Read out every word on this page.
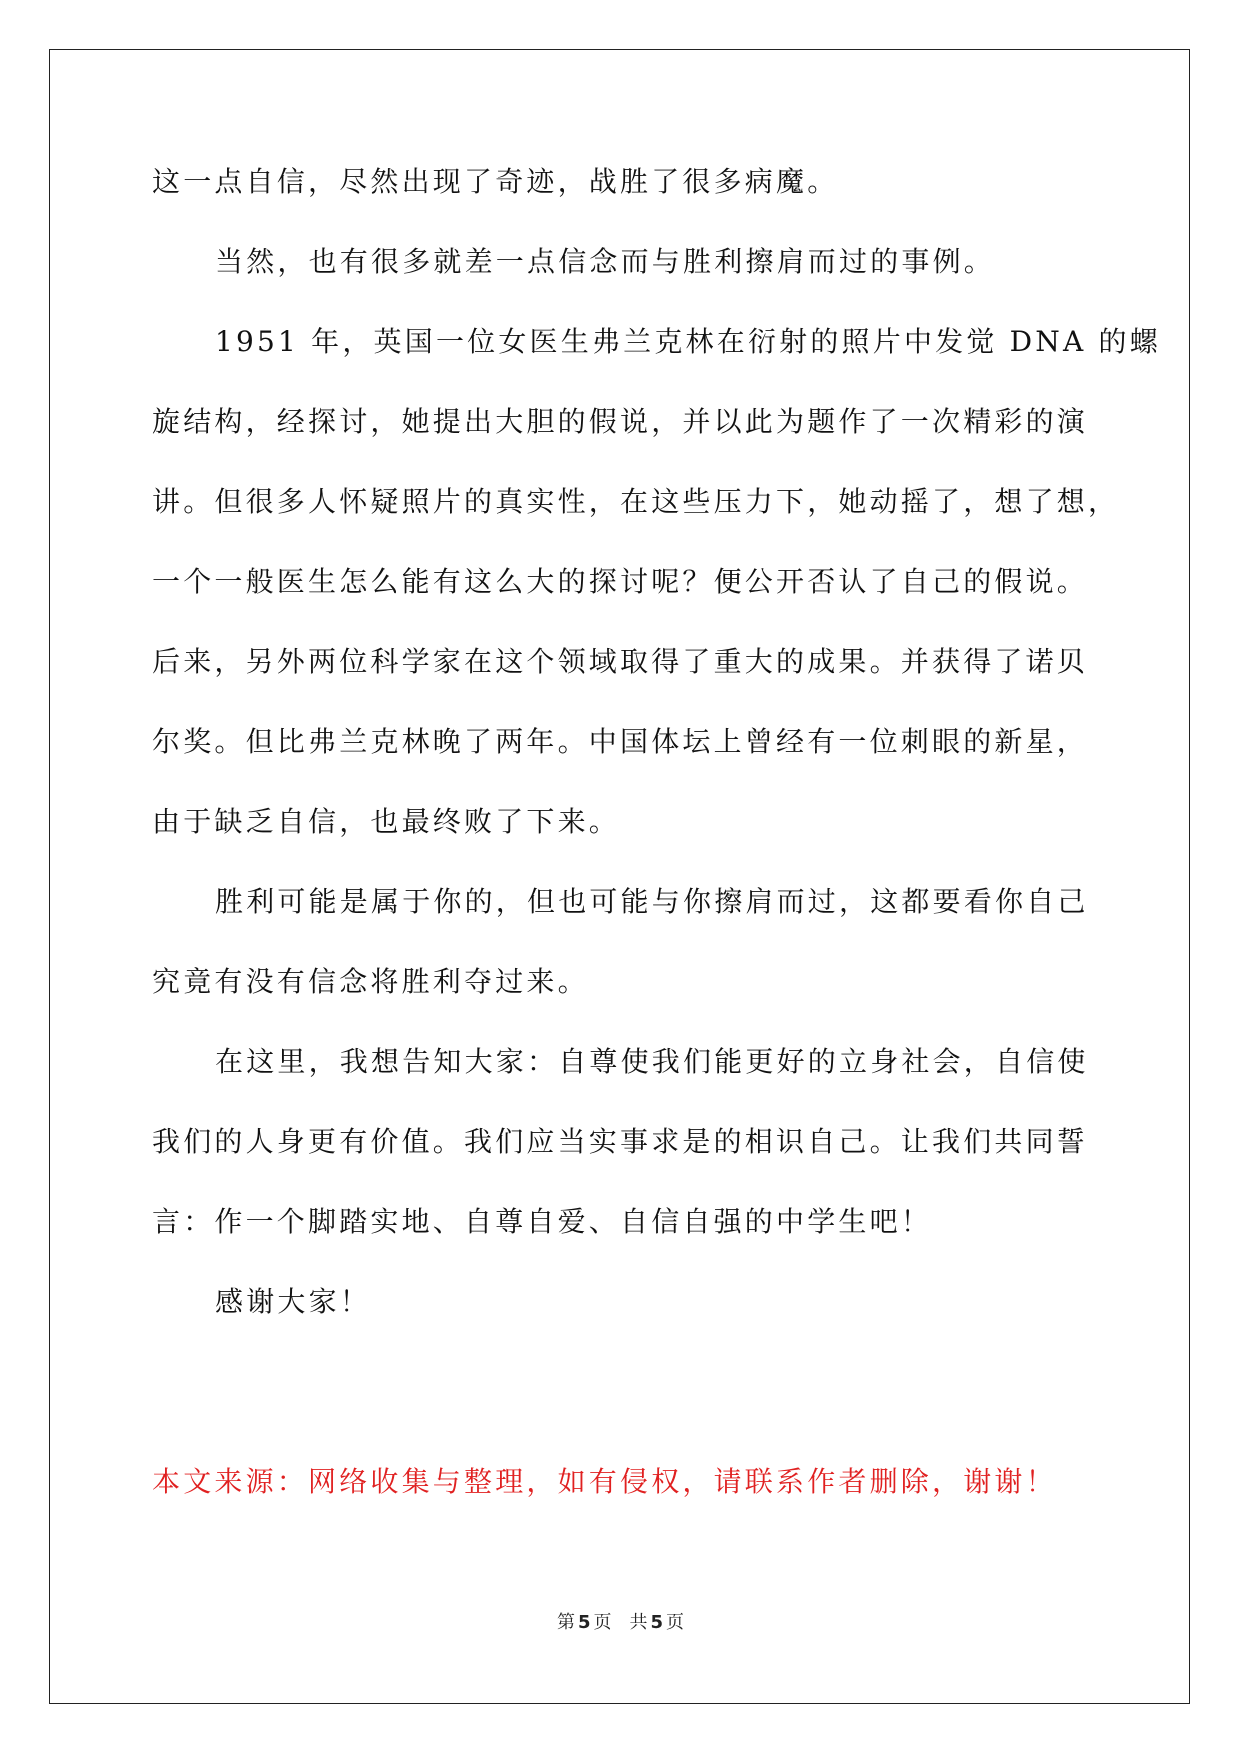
这一点自信，尽然出现了奇迹，战胜了很多病魔。
当然，也有很多就差一点信念而与胜利擦肩而过的事例。
1951 年，英国一位女医生弗兰克林在衍射的照片中发觉 DNA 的螺
旋结构，经探讨，她提出大胆的假说，并以此为题作了一次精彩的演
讲。但很多人怀疑照片的真实性，在这些压力下，她动摇了，想了想，
一个一般医生怎么能有这么大的探讨呢？便公开否认了自己的假说。
后来，另外两位科学家在这个领域取得了重大的成果。并获得了诺贝
尔奖。但比弗兰克林晚了两年。中国体坛上曾经有一位刺眼的新星，
由于缺乏自信，也最终败了下来。
胜利可能是属于你的，但也可能与你擦肩而过，这都要看你自己
究竟有没有信念将胜利夺过来。
在这里，我想告知大家：自尊使我们能更好的立身社会，自信使
我们的人身更有价值。我们应当实事求是的相识自己。让我们共同誓
言：作一个脚踏实地、自尊自爱、自信自强的中学生吧！
感谢大家！
本文来源：网络收集与整理，如有侵权，请联系作者删除，谢谢！
第 5 页 共 5 页
